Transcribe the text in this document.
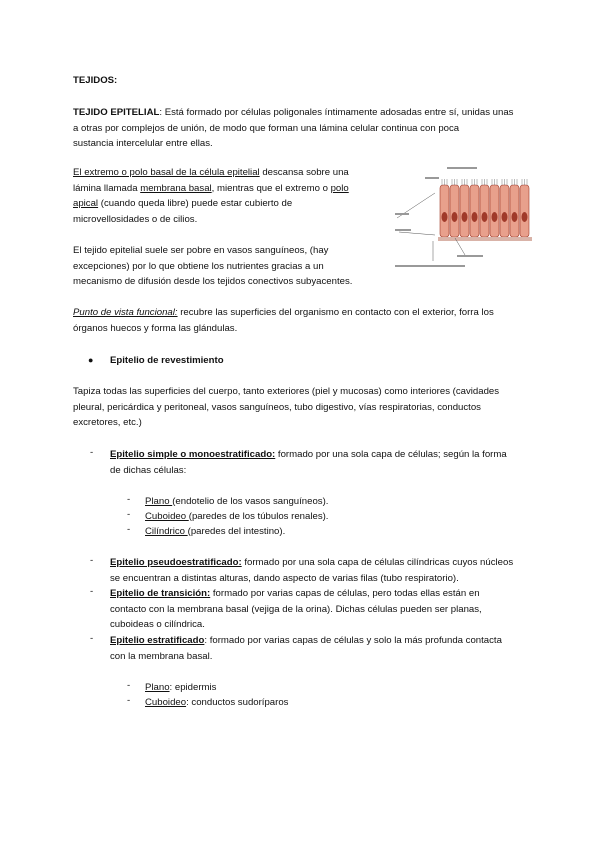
TEJIDOS:
TEJIDO EPITELIAL: Está formado por células poligonales íntimamente adosadas entre sí, unidas unas
a otras por complejos de unión, de modo que forman una lámina celular continua con poca
sustancia intercelular entre ellas.
El extremo o polo basal de la célula epitelial descansa sobre una
lámina llamada membrana basal, mientras que el extremo o polo
apical (cuando queda libre) puede estar cubierto de
microvellosidades o de cilios.
El tejido epitelial suele ser pobre en vasos sanguíneos, (hay
excepciones) por lo que obtiene los nutrientes gracias a un
mecanismo de difusión desde los tejidos conectivos subyacentes.
Punto de vista funcional: recubre las superficies del organismo en contacto con el exterior, forra los
órganos huecos y forma las glándulas.
● Epitelio de revestimiento
Tapiza todas las superficies del cuerpo, tanto exteriores (piel y mucosas) como interiores (cavidades
pleural, pericárdica y peritoneal, vasos sanguíneos, tubo digestivo, vías respiratorias, conductos
excretores, etc.)
- Epitelio simple o monoestratificado: formado por una sola capa de células; según la forma
de dichas células:
- Plano (endotelio de los vasos sanguíneos).
- Cuboideo (paredes de los túbulos renales).
- Cilíndrico (paredes del intestino).
- Epitelio pseudoestratificado: formado por una sola capa de células cilíndricas cuyos núcleos
se encuentran a distintas alturas, dando aspecto de varias filas (tubo respiratorio).
- Epitelio de transición: formado por varias capas de células, pero todas ellas están en
contacto con la membrana basal (vejiga de la orina). Dichas células pueden ser planas,
cuboideas o cilíndrica.
- Epitelio estratificado: formado por varias capas de células y solo la más profunda contacta
con la membrana basal.
- Plano: epidermis
- Cuboideo: conductos sudoríparos
